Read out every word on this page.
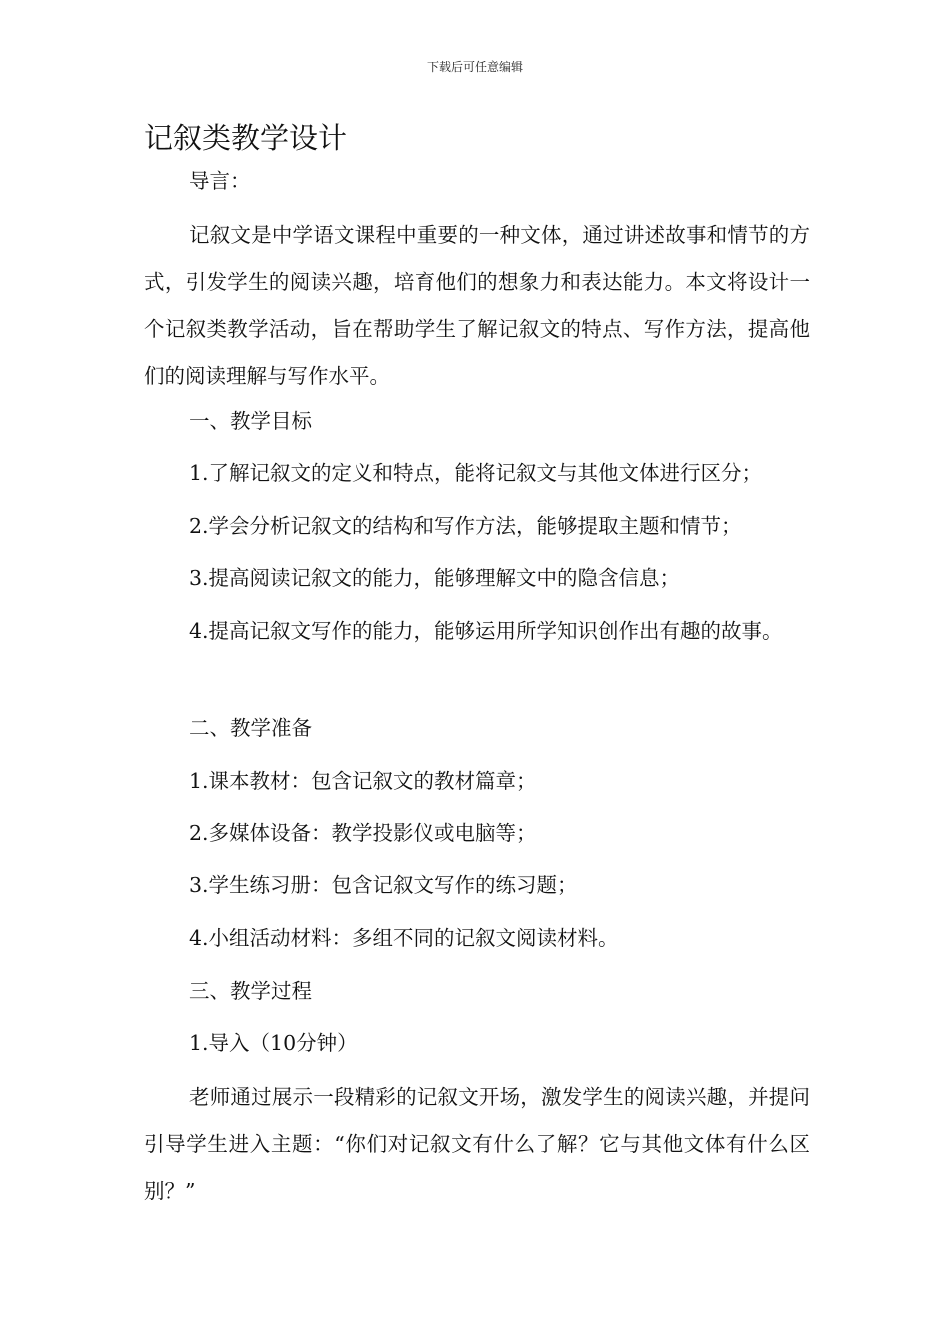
下载后可任意编辑
记叙类教学设计

导言：

记叙文是中学语文课程中重要的一种文体，通过讲述故事和情节的方式，引发学生的阅读兴趣，培育他们的想象力和表达能力。本文将设计一个记叙类教学活动，旨在帮助学生了解记叙文的特点、写作方法，提高他们的阅读理解与写作水平。

一、教学目标

1.了解记叙文的定义和特点，能将记叙文与其他文体进行区分；

2.学会分析记叙文的结构和写作方法，能够提取主题和情节；

3.提高阅读记叙文的能力，能够理解文中的隐含信息；

4.提高记叙文写作的能力，能够运用所学知识创作出有趣的故事。

二、教学准备

1.课本教材：包含记叙文的教材篇章；

2.多媒体设备：教学投影仪或电脑等；

3.学生练习册：包含记叙文写作的练习题；

4.小组活动材料：多组不同的记叙文阅读材料。

三、教学过程

1.导入（10分钟）

老师通过展示一段精彩的记叙文开场，激发学生的阅读兴趣，并提问引导学生进入主题：“你们对记叙文有什么了解？它与其他文体有什么区别？”
